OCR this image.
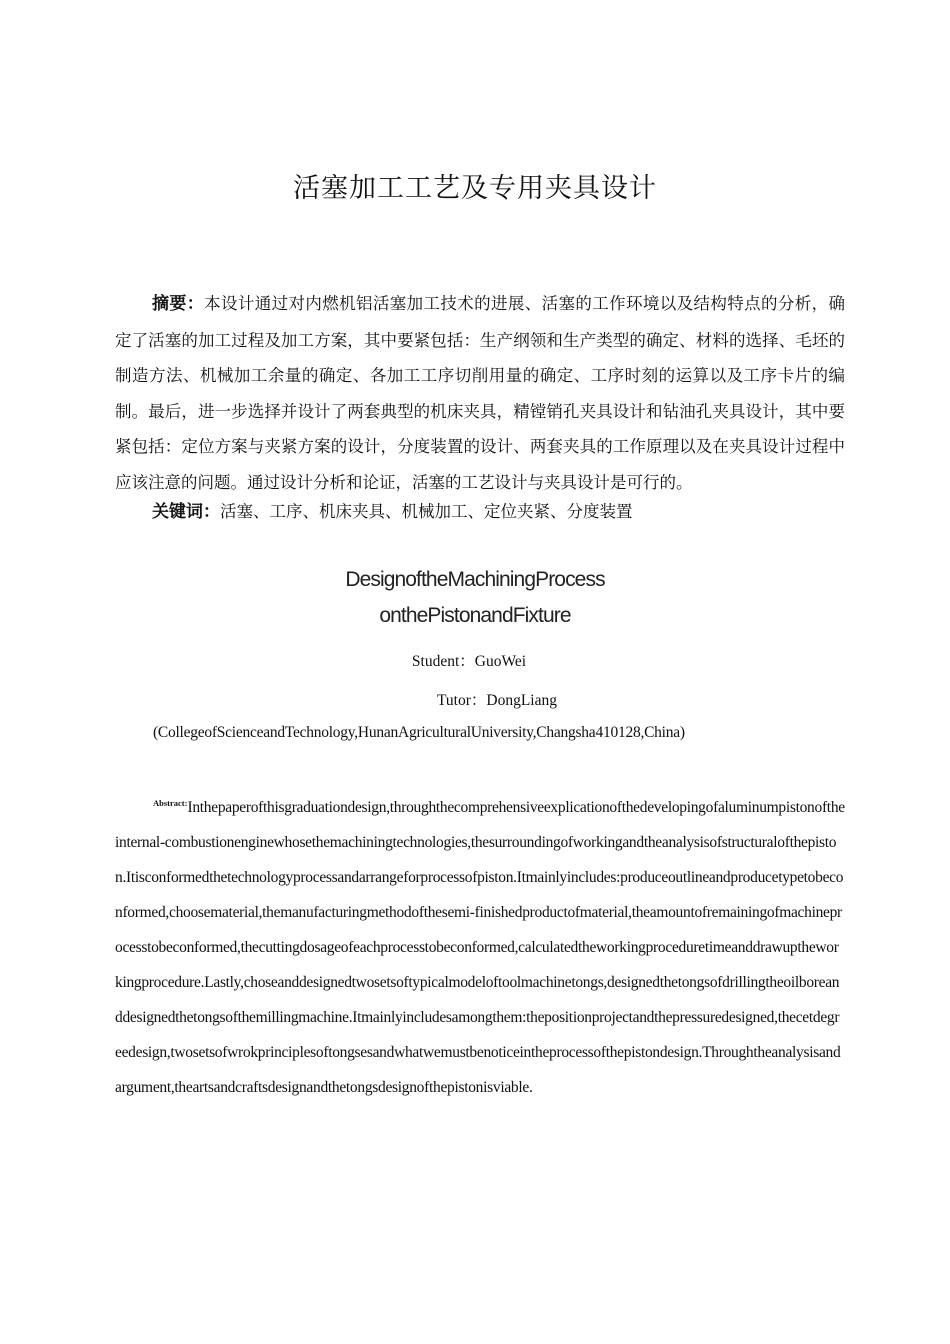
活塞加工工艺及专用夹具设计

摘要：本设计通过对内燃机铝活塞加工技术的进展、活塞的工作环境以及结构特点的分析，确定了活塞的加工过程及加工方案，其中要紧包括：生产纲领和生产类型的确定、材料的选择、毛坯的制造方法、机械加工余量的确定、各加工工序切削用量的确定、工序时刻的运算以及工序卡片的编制。最后，进一步选择并设计了两套典型的机床夹具，精镗销孔夹具设计和钻油孔夹具设计，其中要紧包括：定位方案与夹紧方案的设计，分度装置的设计、两套夹具的工作原理以及在夹具设计过程中应该注意的问题。通过设计分析和论证，活塞的工艺设计与夹具设计是可行的。

关键词：活塞、工序、机床夹具、机械加工、定位夹紧、分度装置

DesignoftheMachiningProcess
onthePistonandFixture
Student：GuoWei
Tutor：DongLiang
(CollegeofScienceandTechnology,HunanAgriculturalUniversity,Changsha410128,China)

$^{Abstract:}$Inthepaperofthisgraduationdesign,throughthecomprehensiveexplicationofthedevelopingofaluminumpistonoftheinternal-combustionenginewhosethemachiningtechnologies,thesurroundingofworkingandtheanalysisofstructuralofthepiston.Itisconformedthetechnologyprocessandarrangeforprocessofpiston.Itmainlyincludes:produceoutlineandproducetypetobeconformed,choosematerial,themanufacturingmethodofthesemi-finishedproductofmaterial,theamountofremainingofmachineprocesstobeconformed,thecuttingdosageofeachprocesstobeconformed,calculatedtheworkingproceduretimeanddrawuptheworkingprocedure.Lastly,choseanddesignedtwosetsoftypicalmodeloftoolmachinetongs,designedthetongsofdrillingtheoilboreanddesignedthetongsofthemillingmachine.Itmainlyincludesamongthem:thepositionprojectandthepressuredesigned,thecetdegreedesign,twosetsofwrokprinciplesoftongsesandwhatwemustbenoticeintheprocessofthepistondesign.Throughtheanalysisandargument,theartsandcraftsdesignandthetongsdesignofthepistonisviable.
